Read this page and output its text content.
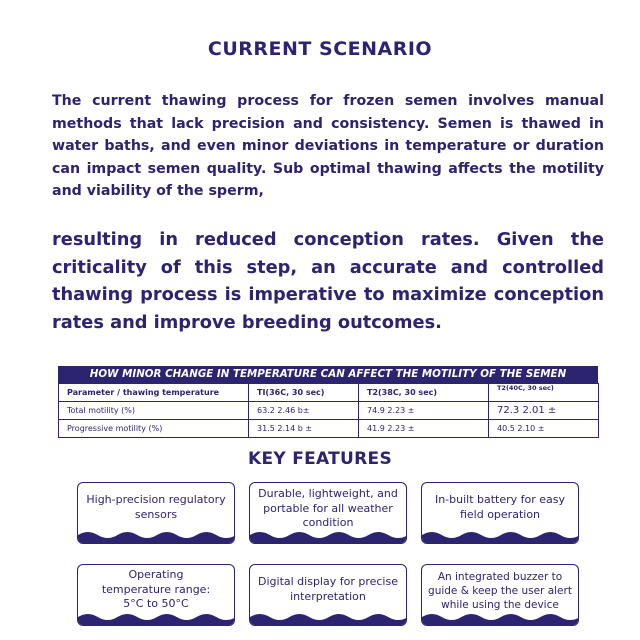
CURRENT SCENARIO
The current thawing process for frozen semen involves manual methods that lack precision and consistency. Semen is thawed in water baths, and even minor deviations in temperature or duration can impact semen quality. Sub optimal thawing affects the motility and viability of the sperm,
resulting in reduced conception rates. Given the criticality of this step, an accurate and controlled thawing process is imperative to maximize conception rates and improve breeding outcomes.
HOW MINOR CHANGE IN TEMPERATURE CAN AFFECT THE MOTILITY OF THE SEMEN
Parameter / thawing temperature	TI(36C, 30 sec)	T2(38C, 30 sec)	T2(40C, 30 sec)
Total motility (%)	63.2 2.46 b±	74.9 2.23 ±	72.3 2.01 ±
Progressive motility (%)	31.5 2.14 b ±	41.9 2.23 ±	40.5 2.10 ±
KEY FEATURES
High-precision regulatory sensors
Durable, lightweight, and portable for all weather condition
In-built battery for easy field operation
Operating temperature range: 5°C to 50°C
Digital display for precise interpretation
An integrated buzzer to guide & keep the user alert while using the device
